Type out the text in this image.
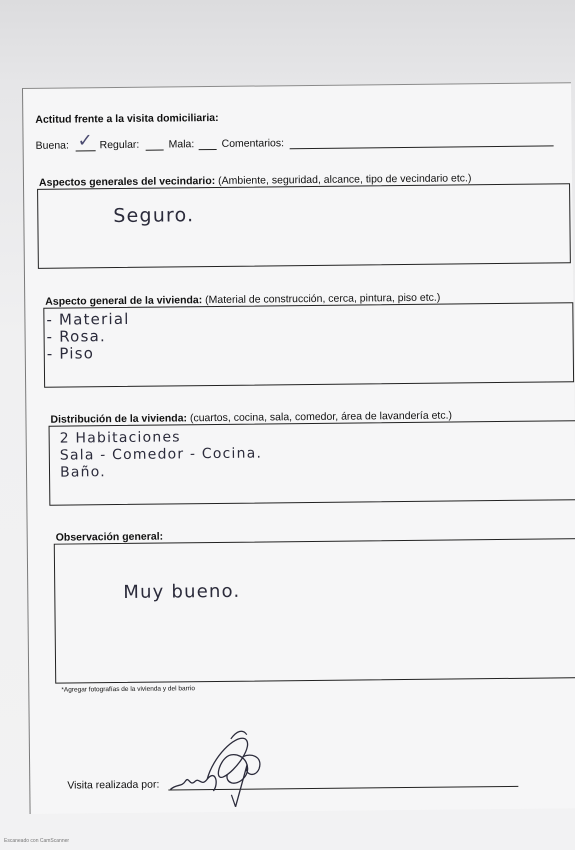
Actitud frente a la visita domiciliaria:
Buena: ✓ Regular:	Mala:	Comentarios:
Aspectos generales del vecindario: (Ambiente, seguridad, alcance, tipo de vecindario etc.)
Seguro.
Aspecto general de la vivienda: (Material de construcción, cerca, pintura, piso etc.)
- Material
- Rosa.
- Piso
Distribución de la vivienda: (cuartos, cocina, sala, comedor, área de lavandería etc.)
2 Habitaciones
Sala - Comedor - Cocina.
Baño.
Observación general:
Muy bueno.
*Agregar fotografías de la vivienda y del barrio
Visita realizada por:
Escaneado con CamScanner
